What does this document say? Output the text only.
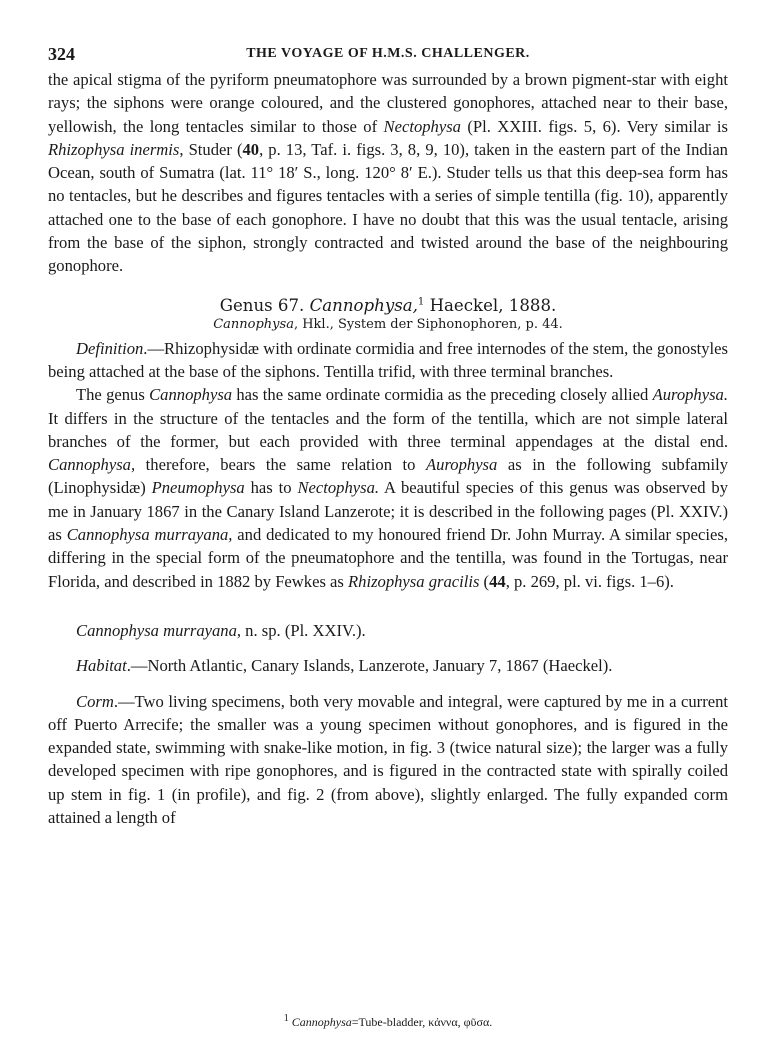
324	THE VOYAGE OF H.M.S. CHALLENGER.

the apical stigma of the pyriform pneumatophore was surrounded by a brown pigment-star with eight rays; the siphons were orange coloured, and the clustered gonophores, attached near to their base, yellowish, the long tentacles similar to those of Nectophysa (Pl. XXIII. figs. 5, 6). Very similar is Rhizophysa inermis, Studer (40, p. 13, Taf. i. figs. 3, 8, 9, 10), taken in the eastern part of the Indian Ocean, south of Sumatra (lat. 11° 18′ S., long. 120° 8′ E.). Studer tells us that this deep-sea form has no tentacles, but he describes and figures tentacles with a series of simple tentilla (fig. 10), apparently attached one to the base of each gonophore. I have no doubt that this was the usual tentacle, arising from the base of the siphon, strongly contracted and twisted around the base of the neighbouring gonophore.

Genus 67. Cannophysa,$^1$ Haeckel, 1888.
Cannophysa, Hkl., System der Siphonophoren, p. 44.

Definition.—Rhizophysidæ with ordinate cormidia and free internodes of the stem, the gonostyles being attached at the base of the siphons. Tentilla trifid, with three terminal branches.

The genus Cannophysa has the same ordinate cormidia as the preceding closely allied Aurophysa. It differs in the structure of the tentacles and the form of the tentilla, which are not simple lateral branches of the former, but each provided with three terminal appendages at the distal end. Cannophysa, therefore, bears the same relation to Aurophysa as in the following subfamily (Linophysidæ) Pneumophysa has to Nectophysa. A beautiful species of this genus was observed by me in January 1867 in the Canary Island Lanzerote; it is described in the following pages (Pl. XXIV.) as Cannophysa murrayana, and dedicated to my honoured friend Dr. John Murray. A similar species, differing in the special form of the pneumatophore and the tentilla, was found in the Tortugas, near Florida, and described in 1882 by Fewkes as Rhizophysa gracilis (44, p. 269, pl. vi. figs. 1–6).

Cannophysa murrayana, n. sp. (Pl. XXIV.).

Habitat.—North Atlantic, Canary Islands, Lanzerote, January 7, 1867 (Haeckel).

Corm.—Two living specimens, both very movable and integral, were captured by me in a current off Puerto Arrecife; the smaller was a young specimen without gonophores, and is figured in the expanded state, swimming with snake-like motion, in fig. 3 (twice natural size); the larger was a fully developed specimen with ripe gonophores, and is figured in the contracted state with spirally coiled up stem in fig. 1 (in profile), and fig. 2 (from above), slightly enlarged. The fully expanded corm attained a length of

$^1$ Cannophysa=Tube-bladder, κάννα, φῦσα.
